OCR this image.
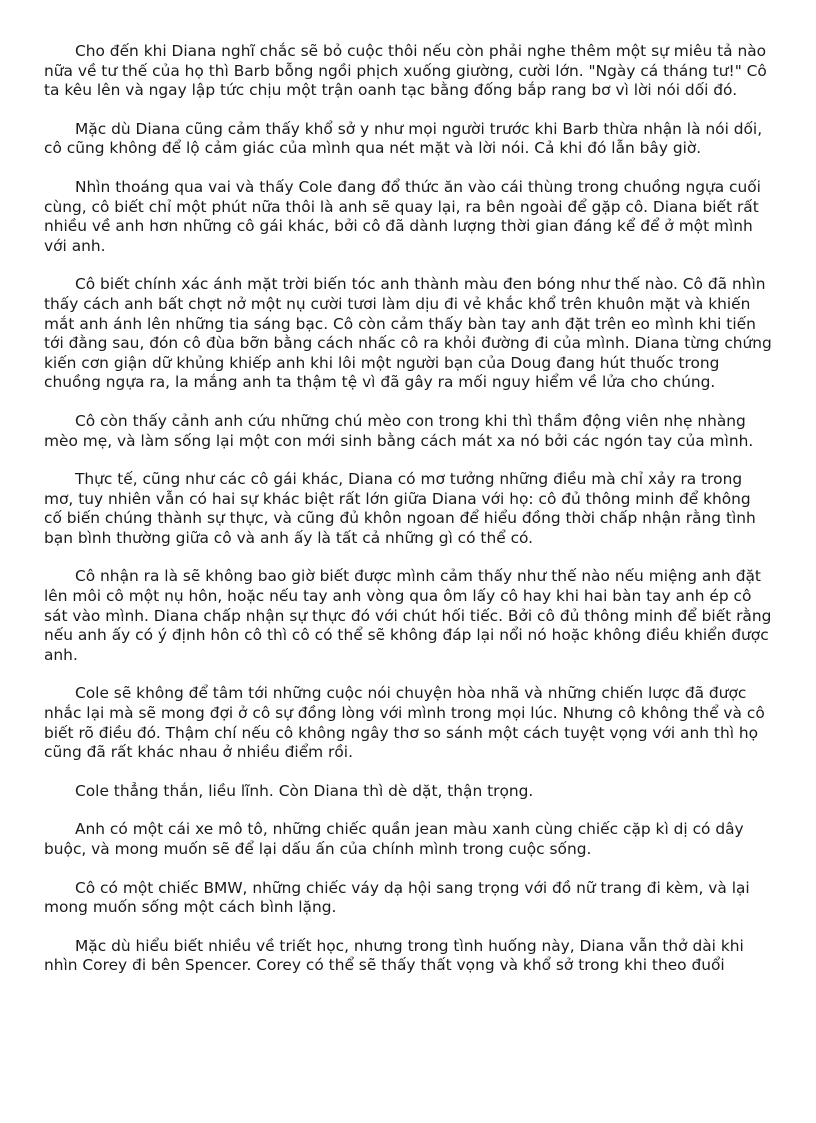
Cho đến khi Diana nghĩ chắc sẽ bỏ cuộc thôi nếu còn phải nghe thêm một sự miêu tả nào nữa về tư thế của họ thì Barb bỗng ngồi phịch xuống giường, cười lớn. "Ngày cá tháng tư!" Cô ta kêu lên và ngay lập tức chịu một trận oanh tạc bằng đống bắp rang bơ vì lời nói dối đó.

Mặc dù Diana cũng cảm thấy khổ sở y như mọi người trước khi Barb thừa nhận là nói dối, cô cũng không để lộ cảm giác của mình qua nét mặt và lời nói. Cả khi đó lẫn bây giờ.

Nhìn thoáng qua vai và thấy Cole đang đổ thức ăn vào cái thùng trong chuồng ngựa cuối cùng, cô biết chỉ một phút nữa thôi là anh sẽ quay lại, ra bên ngoài để gặp cô. Diana biết rất nhiều về anh hơn những cô gái khác, bởi cô đã dành lượng thời gian đáng kể để ở một mình với anh.

Cô biết chính xác ánh mặt trời biến tóc anh thành màu đen bóng như thế nào. Cô đã nhìn thấy cách anh bất chợt nở một nụ cười tươi làm dịu đi vẻ khắc khổ trên khuôn mặt và khiến mắt anh ánh lên những tia sáng bạc. Cô còn cảm thấy bàn tay anh đặt trên eo mình khi tiến tới đằng sau, đón cô đùa bỡn bằng cách nhấc cô ra khỏi đường đi của mình. Diana từng chứng kiến cơn giận dữ khủng khiếp anh khi lôi một người bạn của Doug đang hút thuốc trong chuồng ngựa ra, la mắng anh ta thậm tệ vì đã gây ra mối nguy hiểm về lửa cho chúng.

Cô còn thấy cảnh anh cứu những chú mèo con trong khi thì thầm động viên nhẹ nhàng mèo mẹ, và làm sống lại một con mới sinh bằng cách mát xa nó bởi các ngón tay của mình.

Thực tế, cũng như các cô gái khác, Diana có mơ tưởng những điều mà chỉ xảy ra trong mơ, tuy nhiên vẫn có hai sự khác biệt rất lớn giữa Diana với họ: cô đủ thông minh để không cố biến chúng thành sự thực, và cũng đủ khôn ngoan để hiểu đồng thời chấp nhận rằng tình bạn bình thường giữa cô và anh ấy là tất cả những gì có thể có.

Cô nhận ra là sẽ không bao giờ biết được mình cảm thấy như thế nào nếu miệng anh đặt lên môi cô một nụ hôn, hoặc nếu tay anh vòng qua ôm lấy cô hay khi hai bàn tay anh ép cô sát vào mình. Diana chấp nhận sự thực đó với chút hối tiếc. Bởi cô đủ thông minh để biết rằng nếu anh ấy có ý định hôn cô thì cô có thể sẽ không đáp lại nổi nó hoặc không điều khiển được anh.

Cole sẽ không để tâm tới những cuộc nói chuyện hòa nhã và những chiến lược đã được nhắc lại mà sẽ mong đợi ở cô sự đồng lòng với mình trong mọi lúc. Nhưng cô không thể và cô biết rõ điều đó. Thậm chí nếu cô không ngây thơ so sánh một cách tuyệt vọng với anh thì họ cũng đã rất khác nhau ở nhiều điểm rồi.

Cole thẳng thắn, liều lĩnh. Còn Diana thì dè dặt, thận trọng.

Anh có một cái xe mô tô, những chiếc quần jean màu xanh cùng chiếc cặp kì dị có dây buộc, và mong muốn sẽ để lại dấu ấn của chính mình trong cuộc sống.

Cô có một chiếc BMW, những chiếc váy dạ hội sang trọng với đồ nữ trang đi kèm, và lại mong muốn sống một cách bình lặng.

Mặc dù hiểu biết nhiều về triết học, nhưng trong tình huống này, Diana vẫn thở dài khi nhìn Corey đi bên Spencer. Corey có thể sẽ thấy thất vọng và khổ sở trong khi theo đuổi
